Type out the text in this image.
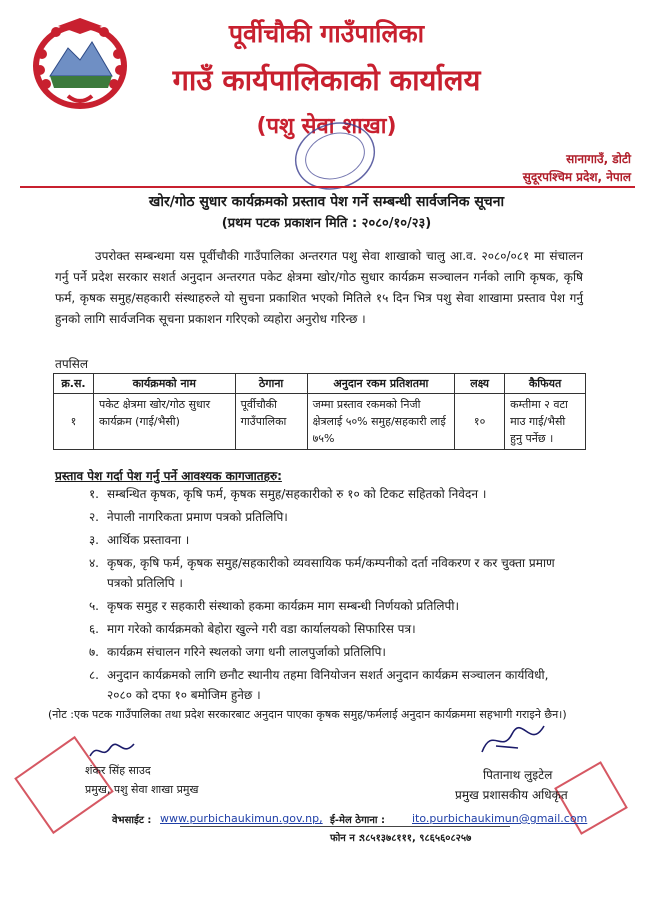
पूर्वीचौकी गाउँपालिका
गाउँ कार्यपालिकाको कार्यालय
(पशु सेवा शाखा)
सानागाउँ, डोटी
सुदूरपश्चिम प्रदेश, नेपाल
खोर/गोठ सुधार कार्यक्रमको प्रस्ताव पेश गर्ने सम्बन्धी सार्वजनिक सूचना
(प्रथम पटक प्रकाशन मिति : २०८०/१०/२३)
उपरोक्त सम्बन्धमा यस पूर्वीचौकी गाउँपालिका अन्तरगत पशु सेवा शाखाको चालु आ.व. २०८०/०८१ मा संचालन गर्नु पर्ने प्रदेश सरकार सशर्त अनुदान अन्तरगत पकेट क्षेत्रमा खोर/गोठ सुधार कार्यक्रम सञ्चालन गर्नको लागि कृषक, कृषि फर्म, कृषक समुह/सहकारी संस्थाहरुले यो सुचना प्रकाशित भएको मितिले १५ दिन भित्र पशु सेवा शाखामा प्रस्ताव पेश गर्नु हुनको लागि सार्वजनिक सूचना प्रकाशन गरिएको व्यहोरा अनुरोध गरिन्छ ।
तपसिल
क्र.स.	कार्यक्रमको नाम	ठेगाना	अनुदान रकम प्रतिशतमा	लक्ष्य	कैफियत
१	पकेट क्षेत्रमा खोर/गोठ सुधार कार्यक्रम (गाई/भैसी)	पूर्वीचौकी गाउँपालिका	जम्मा प्रस्ताव रकमको निजी क्षेत्रलाई ५०% समुह/सहकारी लाई ७५%	१०	कम्तीमा २ वटा माउ गाई/भैसी हुनु पर्नेछ ।
प्रस्ताव पेश गर्दा पेश गर्नु पर्ने आवश्यक कागजातहरु:
१. सम्बन्धित कृषक, कृषि फर्म, कृषक समुह/सहकारीको रु १० को टिकट सहितको निवेदन ।
२. नेपाली नागरिकता प्रमाण पत्रको प्रतिलिपि।
३. आर्थिक प्रस्तावना ।
४. कृषक, कृषि फर्म, कृषक समुह/सहकारीको व्यवसायिक फर्म/कम्पनीको दर्ता नविकरण र कर चुक्ता प्रमाण पत्रको प्रतिलिपि ।
५. कृषक समुह र सहकारी संस्थाको हकमा कार्यक्रम माग सम्बन्धी निर्णयको प्रतिलिपी।
६. माग गरेको कार्यक्रमको बेहोरा खुल्ने गरी वडा कार्यालयको सिफारिस पत्र।
७. कार्यक्रम संचालन गरिने स्थलको जगा धनी लालपुर्जाको प्रतिलिपि।
८. अनुदान कार्यक्रमको लागि छनौट स्थानीय तहमा विनियोजन सशर्त अनुदान कार्यक्रम सञ्चालन कार्यविधी, २०८० को दफा १० बमोजिम हुनेछ ।
(नोट :एक पटक गाउँपालिका तथा प्रदेश सरकारबाट अनुदान पाएका कृषक समुह/फर्मलाई अनुदान कार्यक्रममा सहभागी गराइने छैन।)
शंकर सिंह साउद
प्रमुख, पशु सेवा शाखा प्रमुख
पितानाथ लुइटेल
प्रमुख प्रशासकीय अधिकृत
वेभसाईट : www.purbichaukimun.gov.np, ई-मेल ठेगाना : ito.purbichaukimun@gmail.com
फोन न :
९८५१३७८१११, ९८६५६०८२५७
